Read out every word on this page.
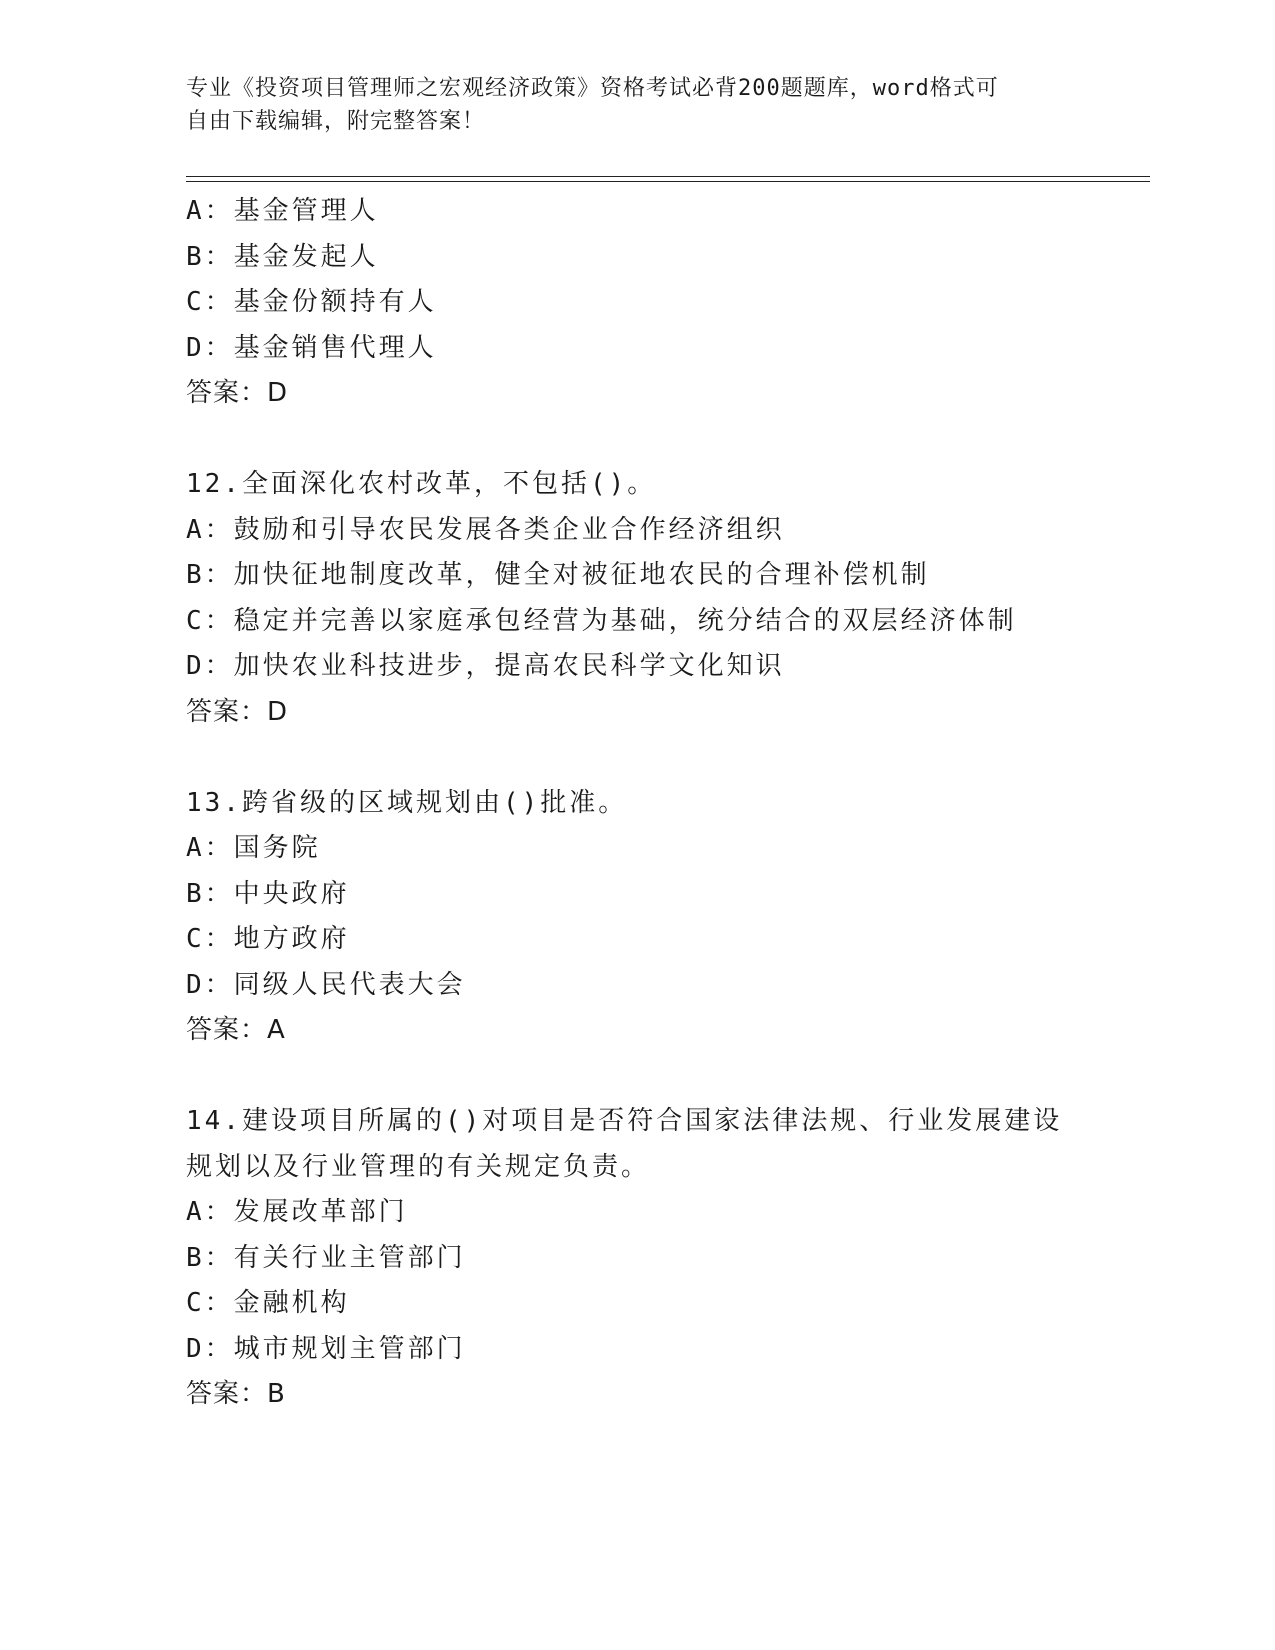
专业《投资项目管理师之宏观经济政策》资格考试必背200题题库，word格式可
自由下载编辑，附完整答案！
A：基金管理人
B：基金发起人
C：基金份额持有人
D：基金销售代理人
答案：D
12.全面深化农村改革，不包括()。
A：鼓励和引导农民发展各类企业合作经济组织
B：加快征地制度改革，健全对被征地农民的合理补偿机制
C：稳定并完善以家庭承包经营为基础，统分结合的双层经济体制
D：加快农业科技进步，提高农民科学文化知识
答案：D
13.跨省级的区域规划由()批准。
A：国务院
B：中央政府
C：地方政府
D：同级人民代表大会
答案：A
14.建设项目所属的()对项目是否符合国家法律法规、行业发展建设规划以及行业管理的有关规定负责。
A：发展改革部门
B：有关行业主管部门
C：金融机构
D：城市规划主管部门
答案：B
